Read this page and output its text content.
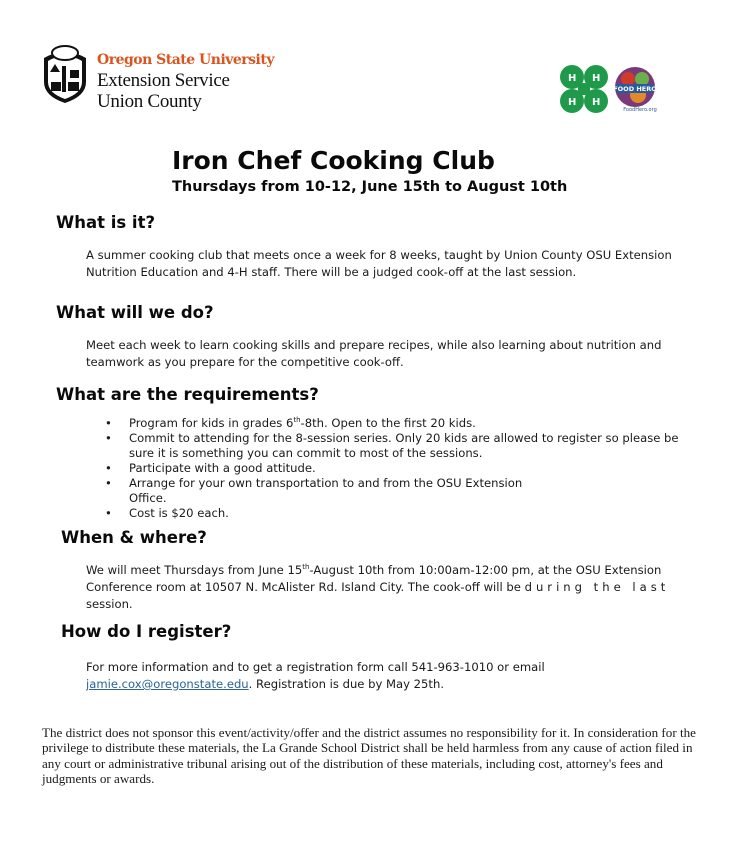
Oregon State University
Extension Service
Union County
H H
H H
FOOD HERO
FoodHero.org
Iron Chef Cooking Club
Thursdays from 10-12, June 15th to August 10th
What is it?
A summer cooking club that meets once a week for 8 weeks, taught by Union County OSU Extension Nutrition Education and 4-H staff. There will be a judged cook-off at the last session.
What will we do?
Meet each week to learn cooking skills and prepare recipes, while also learning about nutrition and teamwork as you prepare for the competitive cook-off.
What are the requirements?
• Program for kids in grades 6th-8th. Open to the first 20 kids.
• Commit to attending for the 8-session series. Only 20 kids are allowed to register so please be sure it is something you can commit to most of the sessions.
• Participate with a good attitude.
• Arrange for your own transportation to and from the OSU Extension
Office.
• Cost is $20 each.
When & where?
We will meet Thursdays from June 15th-August 10th from 10:00am-12:00 pm, at the OSU Extension Conference room at 10507 N. McAlister Rd. Island City. The cook-off will be during the last session.
How do I register?
For more information and to get a registration form call 541-963-1010 or email
jamie.cox@oregonstate.edu. Registration is due by May 25th.
The district does not sponsor this event/activity/offer and the district assumes no responsibility for it. In consideration for the privilege to distribute these materials, the La Grande School District shall be held harmless from any cause of action filed in any court or administrative tribunal arising out of the distribution of these materials, including cost, attorney's fees and judgments or awards.
